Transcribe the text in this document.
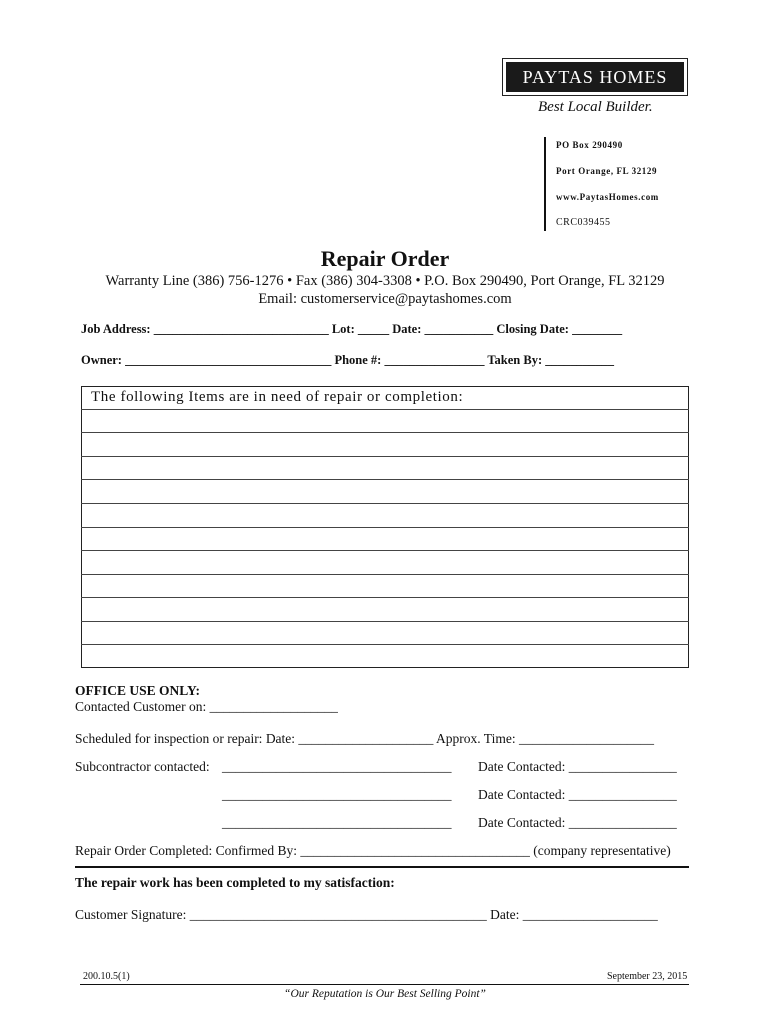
PAYTAS HOMES
Best Local Builder.
PO Box 290490
Port Orange, FL 32129
www.PaytasHomes.com
CRC039455
Repair Order
Warranty Line (386) 756-1276 • Fax (386) 304-3308 • P.O. Box 290490, Port Orange, FL 32129
Email: customerservice@paytashomes.com
Job Address: ____________________________ Lot: _____ Date: ___________ Closing Date: ________
Owner: _________________________________ Phone #: ________________ Taken By: ___________
The following Items are in need of repair or completion:
OFFICE USE ONLY:
Contacted Customer on: ___________________
Scheduled for inspection or repair: Date: ____________________ Approx. Time: ____________________
Subcontractor contacted: __________________________________ Date Contacted: ________________
__________________________________ Date Contacted: ________________
__________________________________ Date Contacted: ________________
Repair Order Completed: Confirmed By: __________________________________ (company representative)
The repair work has been completed to my satisfaction:
Customer Signature: ____________________________________________ Date: ____________________
200.10.5(1)	September 23, 2015
“Our Reputation is Our Best Selling Point”
